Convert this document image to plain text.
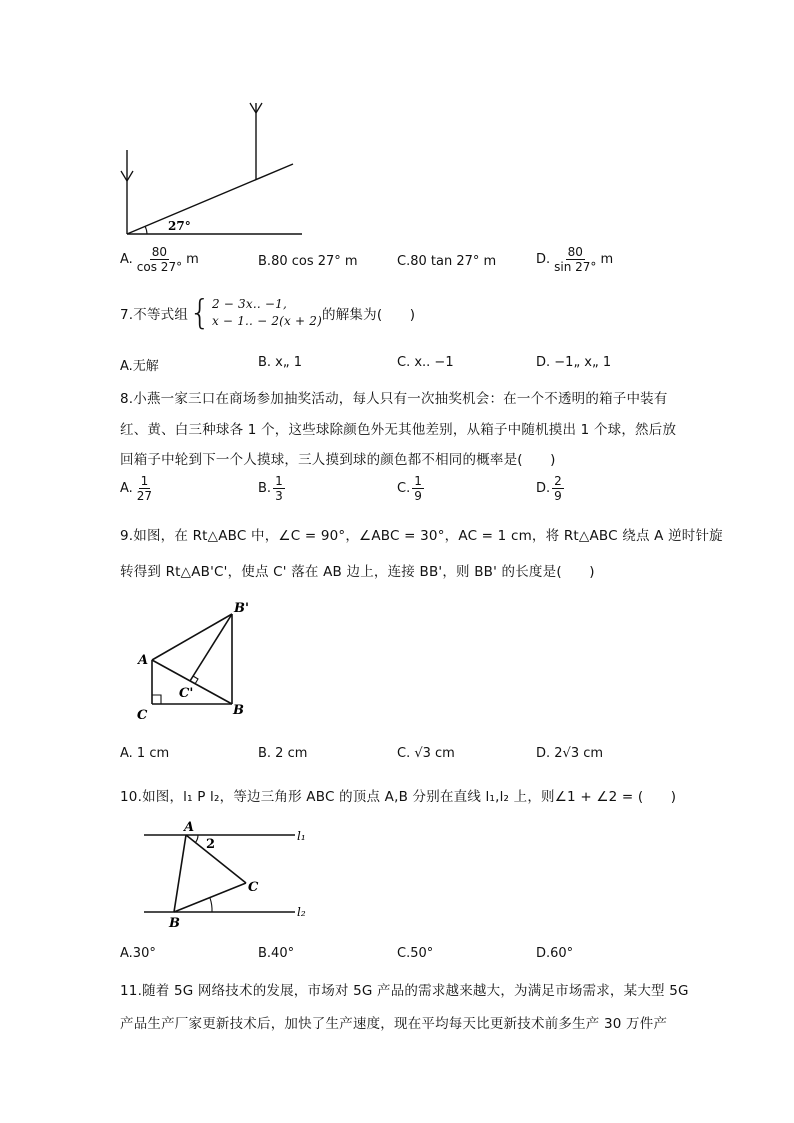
27°
A. $\frac{80}{\cos 27^\circ}$ m	B.80 cos 27° m	C.80 tan 27° m	D. $\frac{80}{\sin 27^\circ}$ m
7.不等式组 { 2 − 3x.. −1,
x − 1.. − 2(x + 2) 的解集为(　　)
A.无解	B. x„ 1	C. x.. −1	D. −1„ x„ 1
8.小燕一家三口在商场参加抽奖活动，每人只有一次抽奖机会：在一个不透明的箱子中装有
红、黄、白三种球各 1 个，这些球除颜色外无其他差别，从箱子中随机摸出 1 个球，然后放
回箱子中轮到下一个人摸球，三人摸到球的颜色都不相同的概率是(　　)
A. $\frac{1}{27}$	B. $\frac{1}{3}$	C. $\frac{1}{9}$	D. $\frac{2}{9}$
9.如图，在 Rt△ABC 中，∠C = 90°，∠ABC = 30°，AC = 1 cm，将 Rt△ABC 绕点 A 逆时针旋
转得到 Rt△AB'C'，使点 C' 落在 AB 边上，连接 BB'，则 BB' 的长度是(　　)
A
B'
C'
C	B
A. 1 cm	B. 2 cm	C. √3 cm	D. 2√3 cm
10.如图，l₁ P l₂，等边三角形 ABC 的顶点 A,B 分别在直线 l₁,l₂ 上，则∠1 + ∠2 = (　　)
A
2
C
B
l₁
l₂
A.30°	B.40°	C.50°	D.60°
11.随着 5G 网络技术的发展，市场对 5G 产品的需求越来越大，为满足市场需求，某大型 5G
产品生产厂家更新技术后，加快了生产速度，现在平均每天比更新技术前多生产 30 万件产
